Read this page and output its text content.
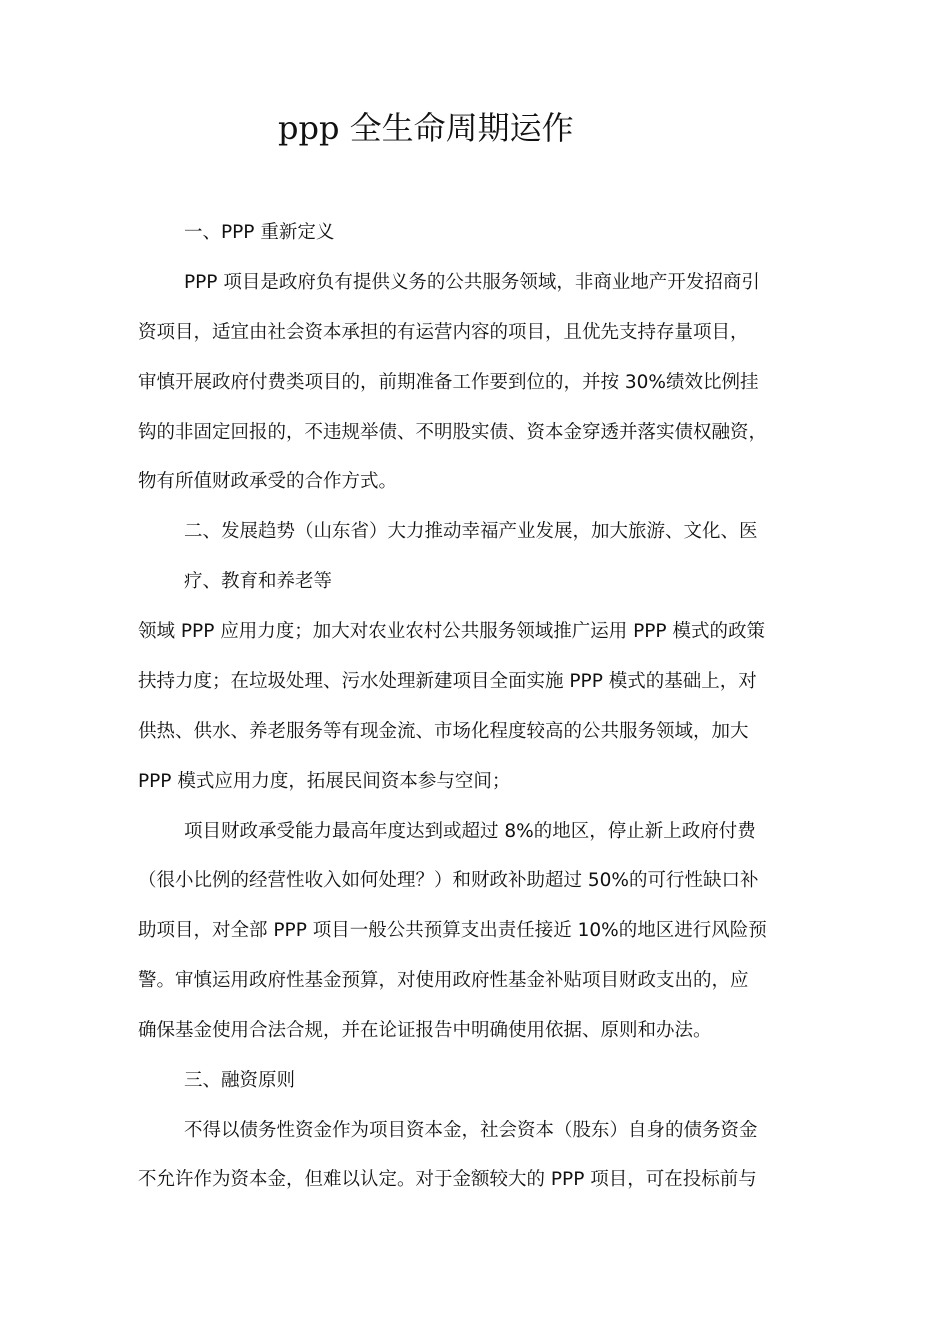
ppp 全生命周期运作
一、PPP 重新定义
PPP 项目是政府负有提供义务的公共服务领域，非商业地产开发招商引
资项目，适宜由社会资本承担的有运营内容的项目，且优先支持存量项目，
审慎开展政府付费类项目的，前期准备工作要到位的，并按 30%绩效比例挂
钩的非固定回报的，不违规举债、不明股实债、资本金穿透并落实债权融资，
物有所值财政承受的合作方式。
二、发展趋势（山东省）大力推动幸福产业发展，加大旅游、文化、医
疗、教育和养老等
领域 PPP 应用力度；加大对农业农村公共服务领域推广运用 PPP 模式的政策
扶持力度；在垃圾处理、污水处理新建项目全面实施 PPP 模式的基础上，对
供热、供水、养老服务等有现金流、市场化程度较高的公共服务领域，加大
PPP 模式应用力度，拓展民间资本参与空间；
项目财政承受能力最高年度达到或超过 8%的地区，停止新上政府付费
（很小比例的经营性收入如何处理？）和财政补助超过 50%的可行性缺口补
助项目，对全部 PPP 项目一般公共预算支出责任接近 10%的地区进行风险预
警。审慎运用政府性基金预算，对使用政府性基金补贴项目财政支出的，应
确保基金使用合法合规，并在论证报告中明确使用依据、原则和办法。
三、融资原则
不得以债务性资金作为项目资本金，社会资本（股东）自身的债务资金
不允许作为资本金，但难以认定。对于金额较大的 PPP 项目，可在投标前与
